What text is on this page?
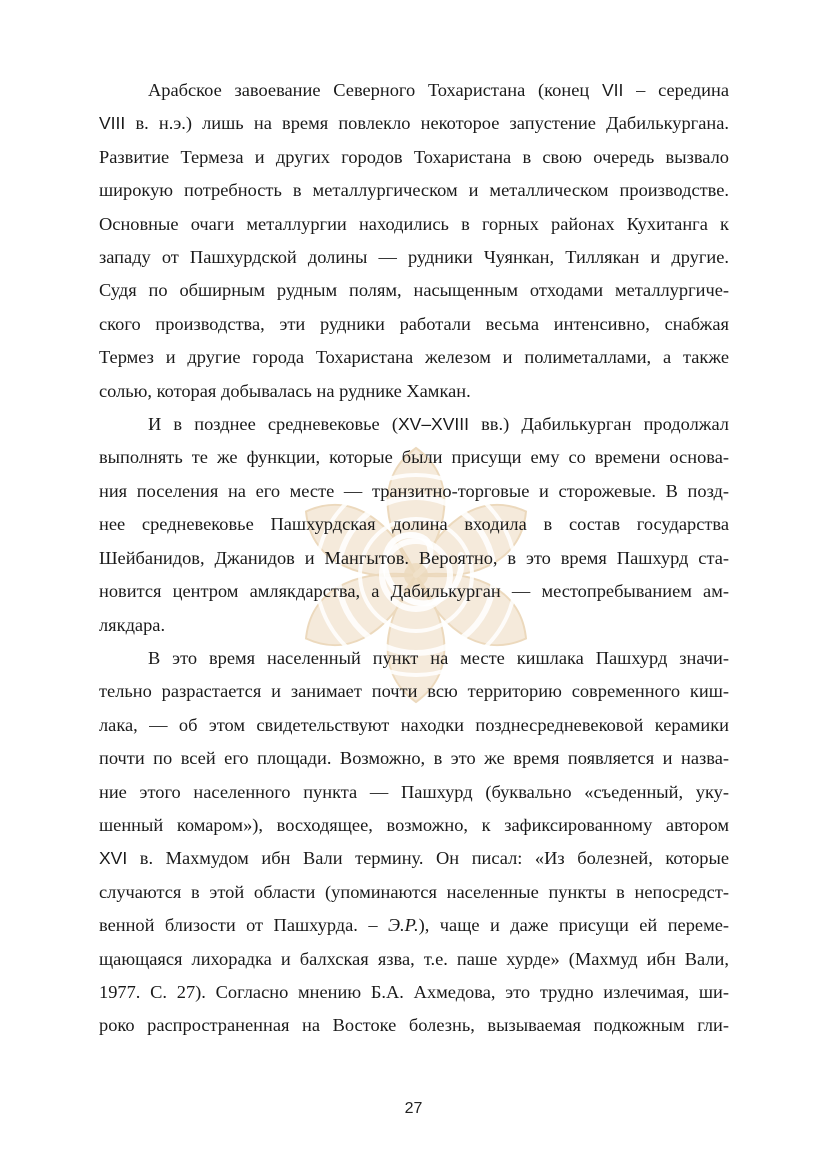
Арабское завоевание Северного Тохаристана (конец VII – середина
VIII в. н.э.) лишь на время повлекло некоторое запустение Дабилькургана.
Развитие Термеза и других городов Тохаристана в свою очередь вызвало
широкую потребность в металлургическом и металлическом производстве.
Основные очаги металлургии находились в горных районах Кухитанга к
западу от Пашхурдской долины — рудники Чуянкан, Тиллякан и другие.
Судя по обширным рудным полям, насыщенным отходами металлургиче-
ского производства, эти рудники работали весьма интенсивно, снабжая
Термез и другие города Тохаристана железом и полиметаллами, а также
солью, которая добывалась на руднике Хамкан.
И в позднее средневековье (XV–XVIII вв.) Дабилькурган продолжал
выполнять те же функции, которые были присущи ему со времени основа-
ния поселения на его месте — транзитно-торговые и сторожевые. В позд-
нее средневековье Пашхурдская долина входила в состав государства
Шейбанидов, Джанидов и Мангытов. Вероятно, в это время Пашхурд ста-
новится центром амлякдарства, а Дабилькурган — местопребыванием ам-
лякдара.
В это время населенный пункт на месте кишлака Пашхурд значи-
тельно разрастается и занимает почти всю территорию современного киш-
лака, — об этом свидетельствуют находки позднесредневековой керамики
почти по всей его площади. Возможно, в это же время появляется и назва-
ние этого населенного пункта — Пашхурд (буквально «съеденный, уку-
шенный комаром»), восходящее, возможно, к зафиксированному автором
XVI в. Махмудом ибн Вали термину. Он писал: «Из болезней, которые
случаются в этой области (упоминаются населенные пункты в непосредст-
венной близости от Пашхурда. – Э.Р.), чаще и даже присущи ей переме-
щающаяся лихорадка и балхская язва, т.е. паше хурде» (Махмуд ибн Вали,
1977. С. 27). Согласно мнению Б.А. Ахмедова, это трудно излечимая, ши-
роко распространенная на Востоке болезнь, вызываемая подкожным гли-
27
